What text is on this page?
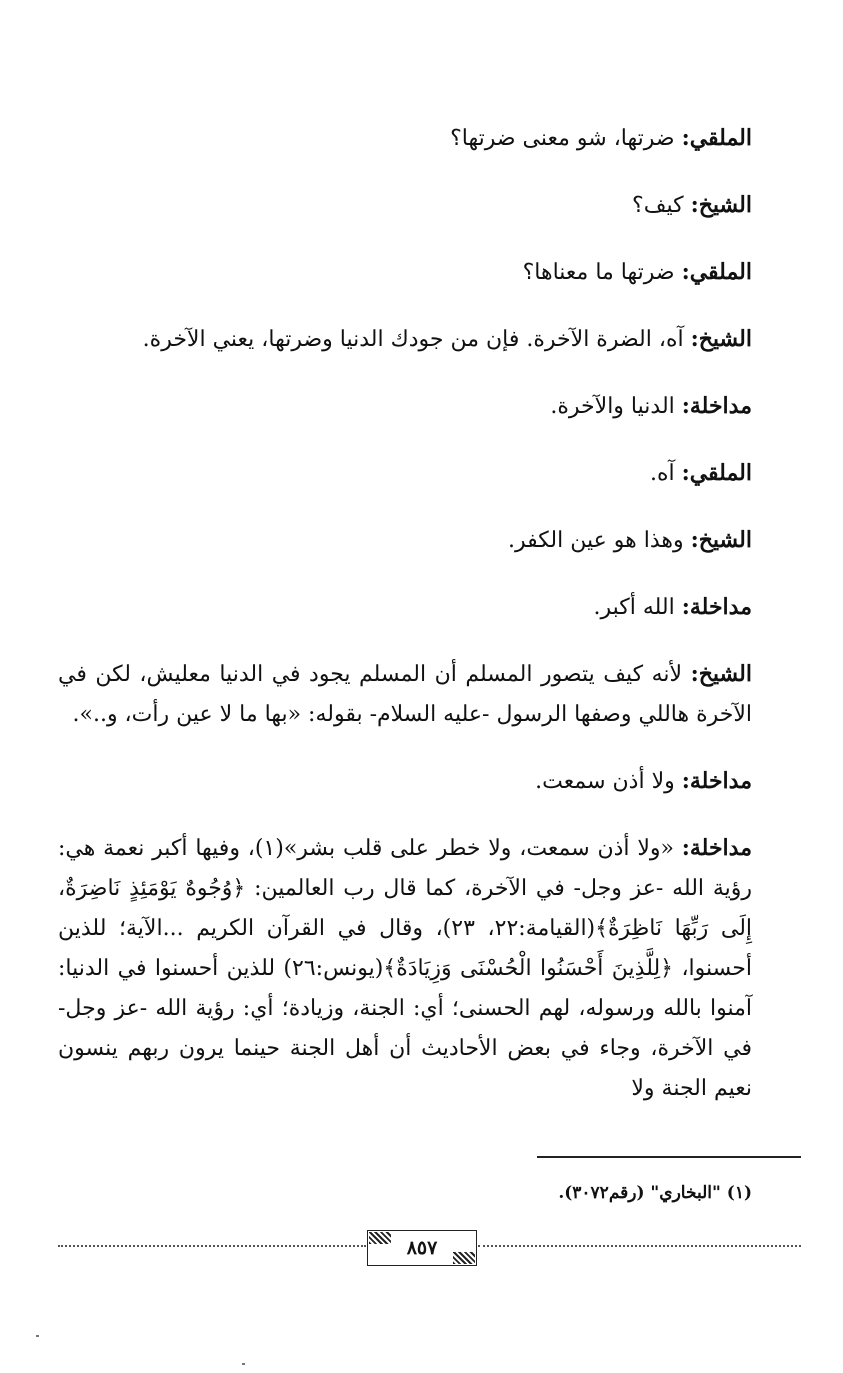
الملقي: ضرتها، شو معنى ضرتها؟

الشيخ: كيف؟

الملقي: ضرتها ما معناها؟

الشيخ: آه، الضرة الآخرة. فإن من جودك الدنيا وضرتها، يعني الآخرة.

مداخلة: الدنيا والآخرة.

الملقي: آه.

الشيخ: وهذا هو عين الكفر.

مداخلة: الله أكبر.

الشيخ: لأنه كيف يتصور المسلم أن المسلم يجود في الدنيا معليش، لكن في الآخرة هاللي وصفها الرسول -عليه السلام- بقوله: «بها ما لا عين رأت، و..».

مداخلة: ولا أذن سمعت.

مداخلة: «ولا أذن سمعت، ولا خطر على قلب بشر»(١)، وفيها أكبر نعمة هي: رؤية الله -عز وجل- في الآخرة، كما قال رب العالمين: ﴿وُجُوهٌ يَوْمَئِذٍ نَاضِرَةٌ، إِلَى رَبِّهَا نَاظِرَةٌ﴾(القيامة:٢٢، ٢٣)، وقال في القرآن الكريم ...الآية؛ للذين أحسنوا، ﴿لِلَّذِينَ أَحْسَنُوا الْحُسْنَى وَزِيَادَةٌ﴾(يونس:٢٦) للذين أحسنوا في الدنيا: آمنوا بالله ورسوله، لهم الحسنى؛ أي: الجنة، وزيادة؛ أي: رؤية الله -عز وجل- في الآخرة، وجاء في بعض الأحاديث أن أهل الجنة حينما يرون ربهم ينسون نعيم الجنة ولا

(١) "البخاري" (رقم٣٠٧٢).
٨٥٧
